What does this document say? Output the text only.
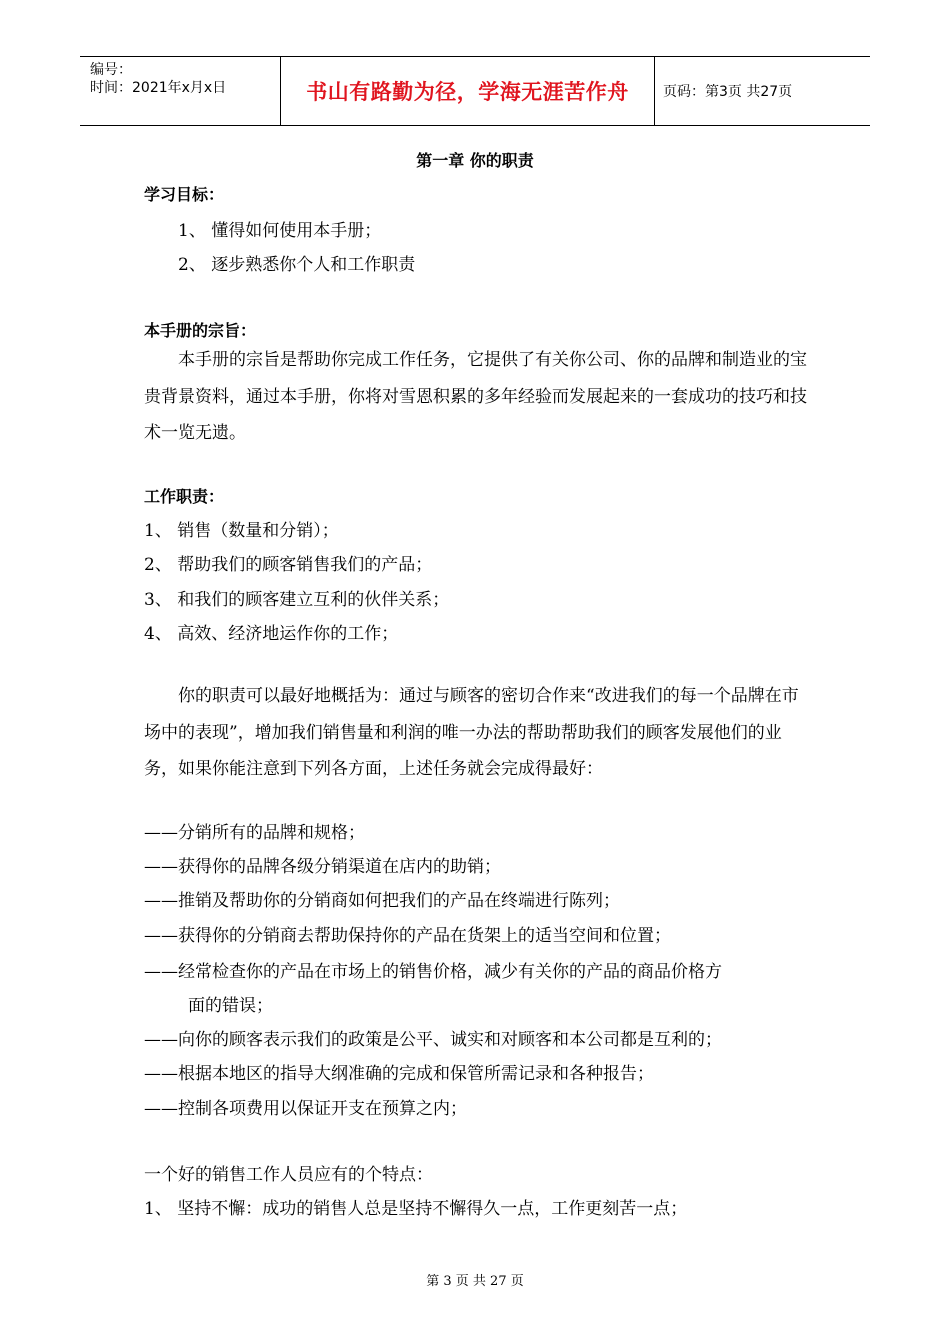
编号：
时间：2021年x月x日	书山有路勤为径，学海无涯苦作舟	页码：第3页 共27页
第一章 你的职责
学习目标：
1、 懂得如何使用本手册；
2、 逐步熟悉你个人和工作职责
本手册的宗旨：
本手册的宗旨是帮助你完成工作任务，它提供了有关你公司、你的品牌和制造业的宝贵背景资料，通过本手册，你将对雪恩积累的多年经验而发展起来的一套成功的技巧和技术一览无遗。
工作职责：
1、 销售（数量和分销）；
2、 帮助我们的顾客销售我们的产品；
3、 和我们的顾客建立互利的伙伴关系；
4、 高效、经济地运作你的工作；
你的职责可以最好地概括为：通过与顾客的密切合作来“改进我们的每一个品牌在市场中的表现”，增加我们销售量和利润的唯一办法的帮助帮助我们的顾客发展他们的业务，如果你能注意到下列各方面，上述任务就会完成得最好：
——分销所有的品牌和规格；
——获得你的品牌各级分销渠道在店内的助销；
——推销及帮助你的分销商如何把我们的产品在终端进行陈列；
——获得你的分销商去帮助保持你的产品在货架上的适当空间和位置；
——经常检查你的产品在市场上的销售价格，减少有关你的产品的商品价格方
面的错误；
——向你的顾客表示我们的政策是公平、诚实和对顾客和本公司都是互利的；
——根据本地区的指导大纲准确的完成和保管所需记录和各种报告；
——控制各项费用以保证开支在预算之内；
一个好的销售工作人员应有的个特点：
1、 坚持不懈：成功的销售人总是坚持不懈得久一点，工作更刻苦一点；
第 3 页 共 27 页
